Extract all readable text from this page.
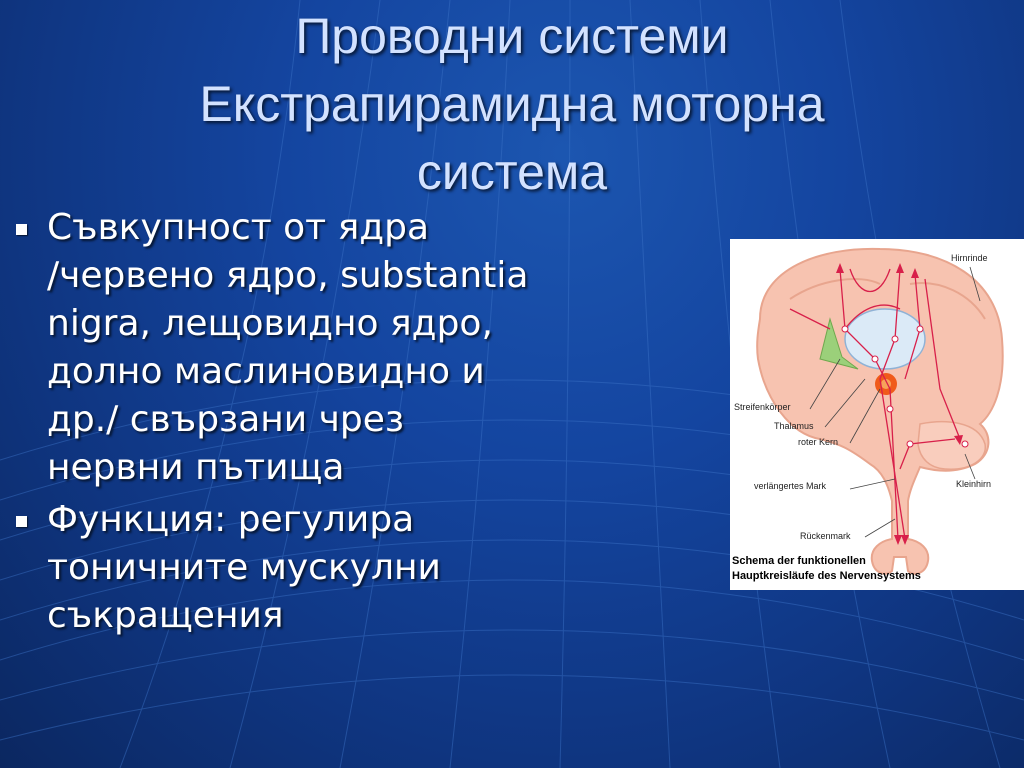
Проводни системи
Екстрапирамидна моторна
система
Съвкупност от ядра
/червено ядро, substantia
nigra, лещовидно ядро,
долно маслиновидно и
др./ свързани чрез
нервни пътища
Функция: регулира
тоничните мускулни
съкращения
Hirnrinde
Streifenkörper
Thalamus
roter Kern
verlängertes Mark	Kleinhirn
Rückenmark
Schema der funktionellen
Hauptkreisläufe des Nervensystems
